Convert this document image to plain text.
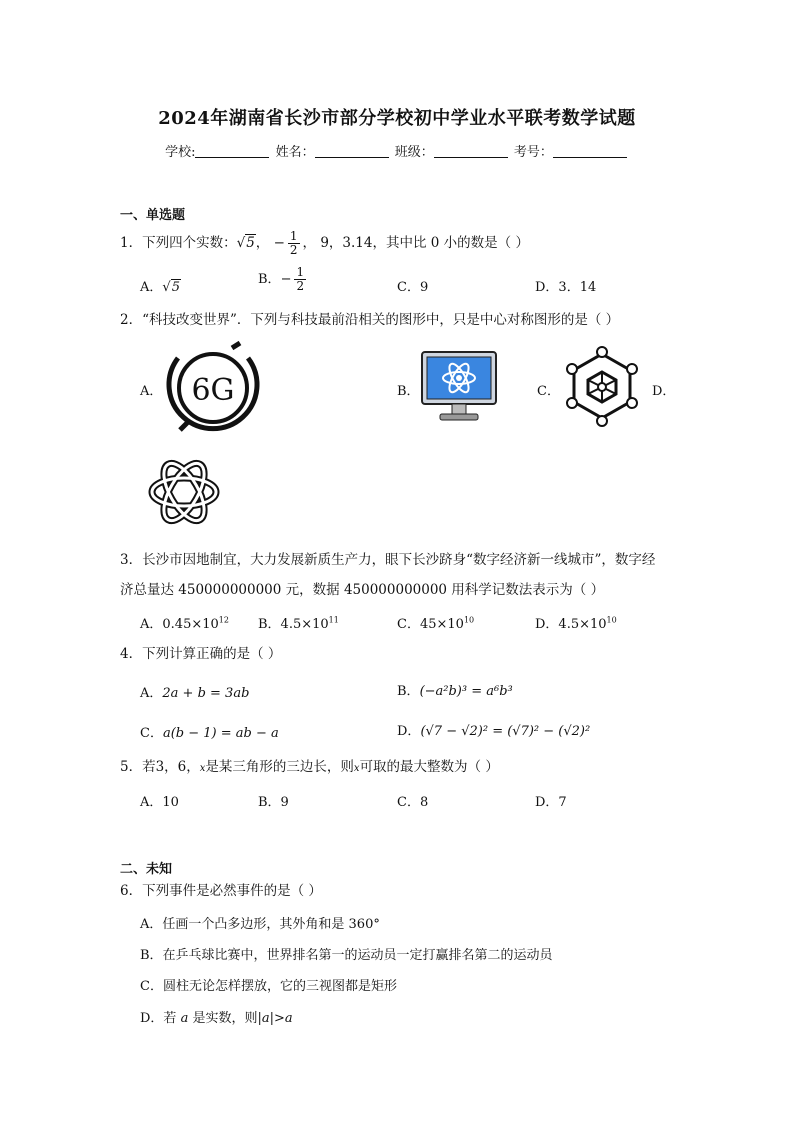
2024年湖南省长沙市部分学校初中学业水平联考数学试题
学校:	姓名：	班级：	考号：
一、单选题
1．下列四个实数：√5， − $\frac{1}{2}$ ， 9，3.14，其中比 0 小的数是（ ）
A．√5
B．− $\frac{1}{2}$	C．9	D．3．14
2．“科技改变世界”．下列与科技最前沿相关的图形中，只是中心对称图形的是（ ）
A． 6G	B．	C．	D．
3．长沙市因地制宜，大力发展新质生产力，眼下长沙跻身“数字经济新一线城市”，数字经
济总量达 450000000000 元，数据 450000000000 用科学记数法表示为（ ）
A．$0.45\times 10^{12}$ B．$4.5\times 10^{11}$	C．$45\times 10^{10}$	D．$4.5\times 10^{10}$
4．下列计算正确的是（ ）
A．2a + b = 3ab	B．(−a²b)³ = a⁶b³
C．a(b − 1) = ab − a	D．(√7 − √2)² = (√7)² − (√2)²
5．若3，6，x是某三角形的三边长，则x可取的最大整数为（ ）
A．10	B．9	C．8	D．7
二、未知
6．下列事件是必然事件的是（ ）
A．任画一个凸多边形，其外角和是 360°
B．在乒乓球比赛中，世界排名第一的运动员一定打赢排名第二的运动员
C．圆柱无论怎样摆放，它的三视图都是矩形
D．若 a 是实数，则|a|>a
